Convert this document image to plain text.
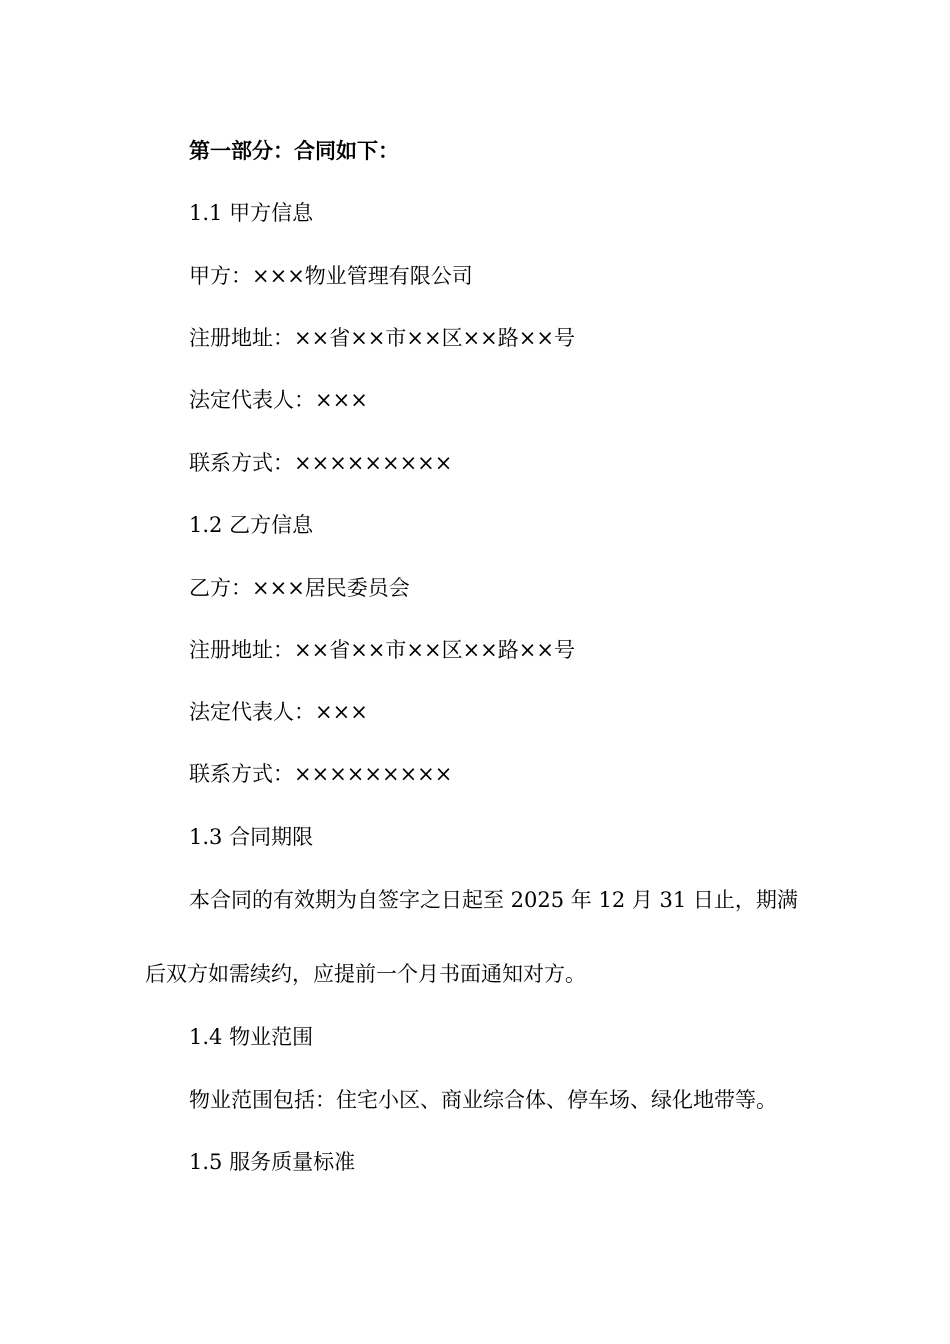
第一部分：合同如下：
1.1 甲方信息
甲方：×××物业管理有限公司
注册地址：××省××市××区××路××号
法定代表人：×××
联系方式：×××××××××
1.2 乙方信息
乙方：×××居民委员会
注册地址：××省××市××区××路××号
法定代表人：×××
联系方式：×××××××××
1.3 合同期限
本合同的有效期为自签字之日起至 2025 年 12 月 31 日止，期满
后双方如需续约，应提前一个月书面通知对方。
1.4 物业范围
物业范围包括：住宅小区、商业综合体、停车场、绿化地带等。
1.5 服务质量标准
